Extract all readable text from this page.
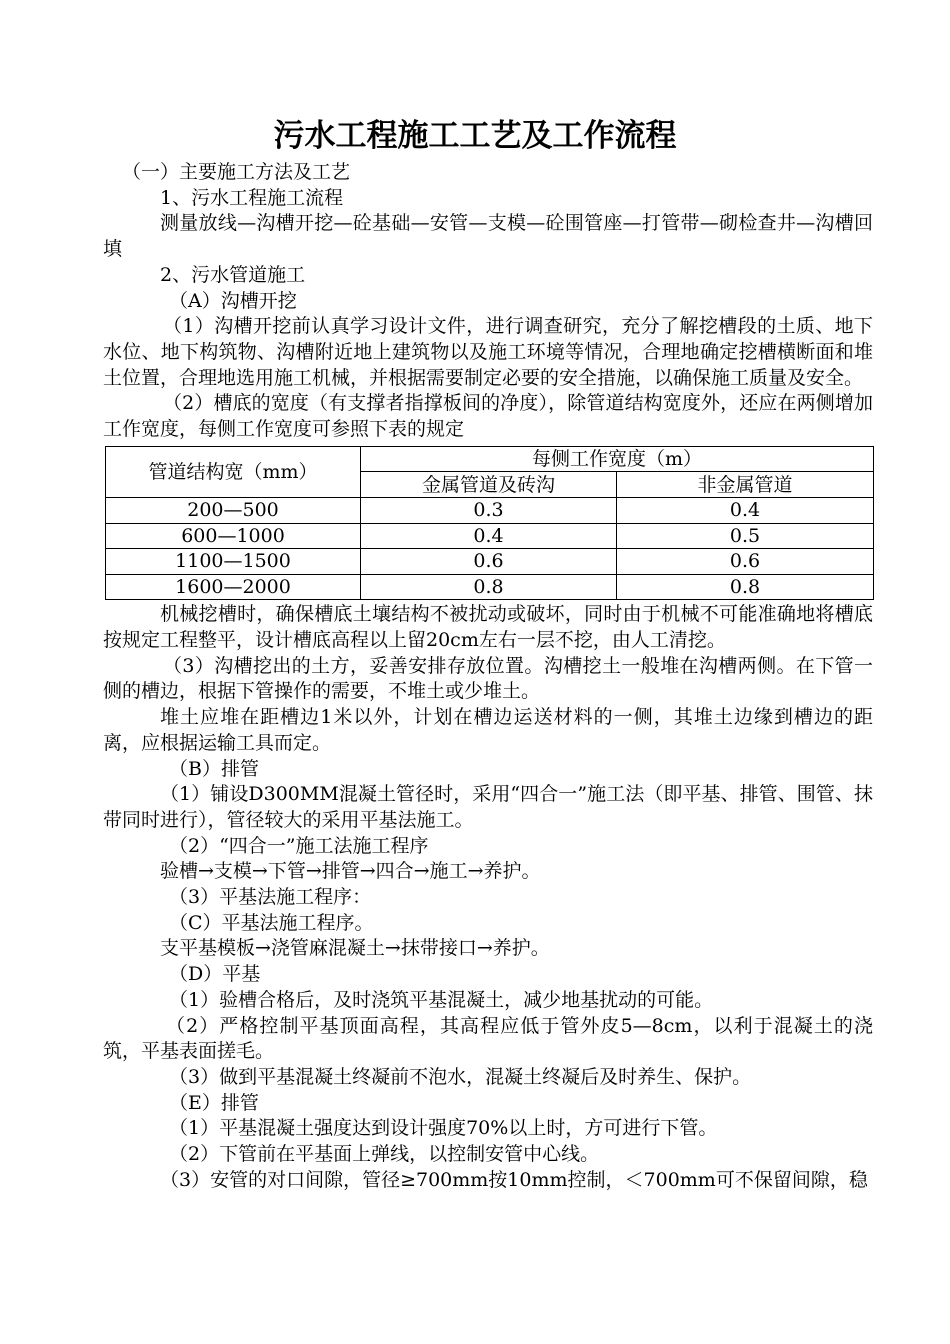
污水工程施工工艺及工作流程

（一）主要施工方法及工艺

1、污水工程施工流程

测量放线—沟槽开挖—砼基础—安管—支模—砼围管座—打管带—砌检查井—沟槽回填

2、污水管道施工

（A）沟槽开挖

（1）沟槽开挖前认真学习设计文件，进行调查研究，充分了解挖槽段的土质、地下水位、地下构筑物、沟槽附近地上建筑物以及施工环境等情况，合理地确定挖槽横断面和堆土位置，合理地选用施工机械，并根据需要制定必要的安全措施，以确保施工质量及安全。

（2）槽底的宽度（有支撑者指撑板间的净度），除管道结构宽度外，还应在两侧增加工作宽度，每侧工作宽度可参照下表的规定

管道结构宽（mm）	每侧工作宽度（m）	
	金属管道及砖沟	非金属管道
200—500	0.3	0.4
600—1000	0.4	0.5
1100—1500	0.6	0.6
1600—2000	0.8	0.8

机械挖槽时，确保槽底土壤结构不被扰动或破坏，同时由于机械不可能准确地将槽底按规定工程整平，设计槽底高程以上留20cm左右一层不挖，由人工清挖。

（3）沟槽挖出的土方，妥善安排存放位置。沟槽挖土一般堆在沟槽两侧。在下管一侧的槽边，根据下管操作的需要，不堆土或少堆土。

堆土应堆在距槽边1米以外，计划在槽边运送材料的一侧，其堆土边缘到槽边的距离，应根据运输工具而定。

（B）排管

（1）铺设D300MM混凝土管径时，采用“四合一”施工法（即平基、排管、围管、抹带同时进行），管径较大的采用平基法施工。

（2）“四合一”施工法施工程序

验槽→支模→下管→排管→四合→施工→养护。

（3）平基法施工程序：

（C）平基法施工程序。

支平基模板→浇管麻混凝土→抹带接口→养护。

（D）平基

（1）验槽合格后，及时浇筑平基混凝土，减少地基扰动的可能。

（2）严格控制平基顶面高程，其高程应低于管外皮5—8cm，以利于混凝土的浇筑，平基表面搓毛。

（3）做到平基混凝土终凝前不泡水，混凝土终凝后及时养生、保护。

（E）排管

（1）平基混凝土强度达到设计强度70%以上时，方可进行下管。

（2）下管前在平基面上弹线，以控制安管中心线。

（3）安管的对口间隙，管径≥700mm按10mm控制，＜700mm可不保留间隙，稳
